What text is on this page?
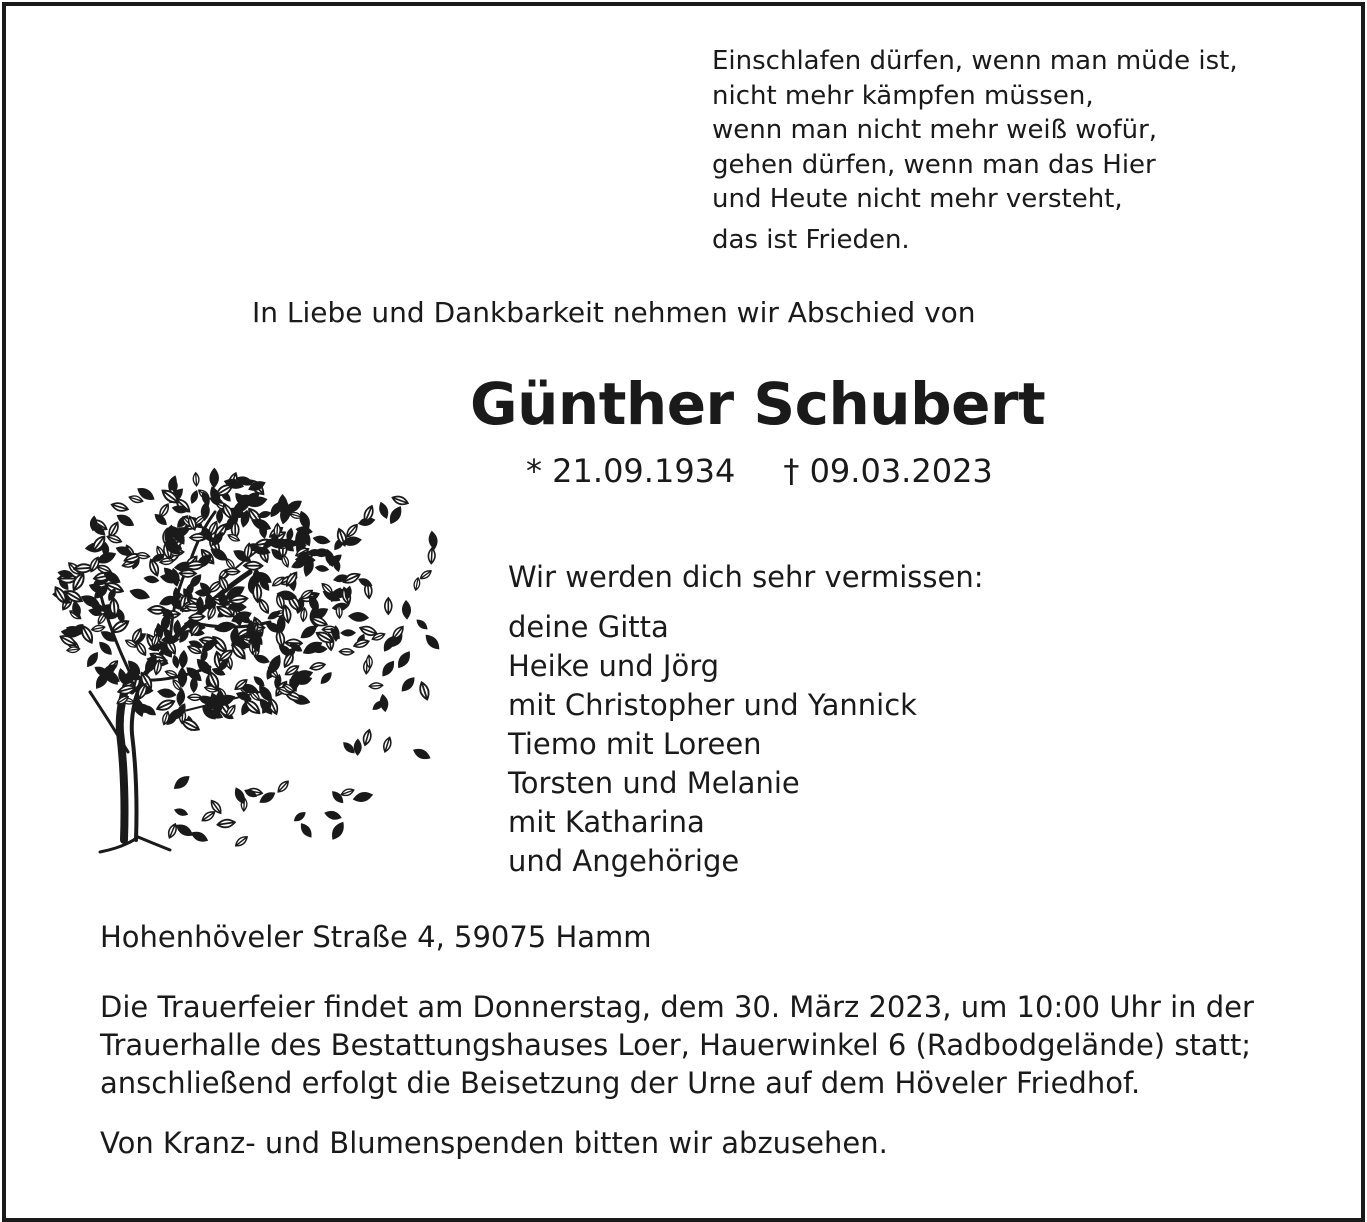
Einschlafen dürfen, wenn man müde ist,
nicht mehr kämpfen müssen,
wenn man nicht mehr weiß wofür,
gehen dürfen, wenn man das Hier
und Heute nicht mehr versteht,
das ist Frieden.
In Liebe und Dankbarkeit nehmen wir Abschied von
Günther Schubert
* 21.09.1934 † 09.03.2023
Wir werden dich sehr vermissen:
deine Gitta
Heike und Jörg
mit Christopher und Yannick
Tiemo mit Loreen
Torsten und Melanie
mit Katharina
und Angehörige
Hohenhöveler Straße 4, 59075 Hamm
Die Trauerfeier findet am Donnerstag, dem 30. März 2023, um 10:00 Uhr in der
Trauerhalle des Bestattungshauses Loer, Hauerwinkel 6 (Radbodgelände) statt;
anschließend erfolgt die Beisetzung der Urne auf dem Höveler Friedhof.
Von Kranz- und Blumenspenden bitten wir abzusehen.
